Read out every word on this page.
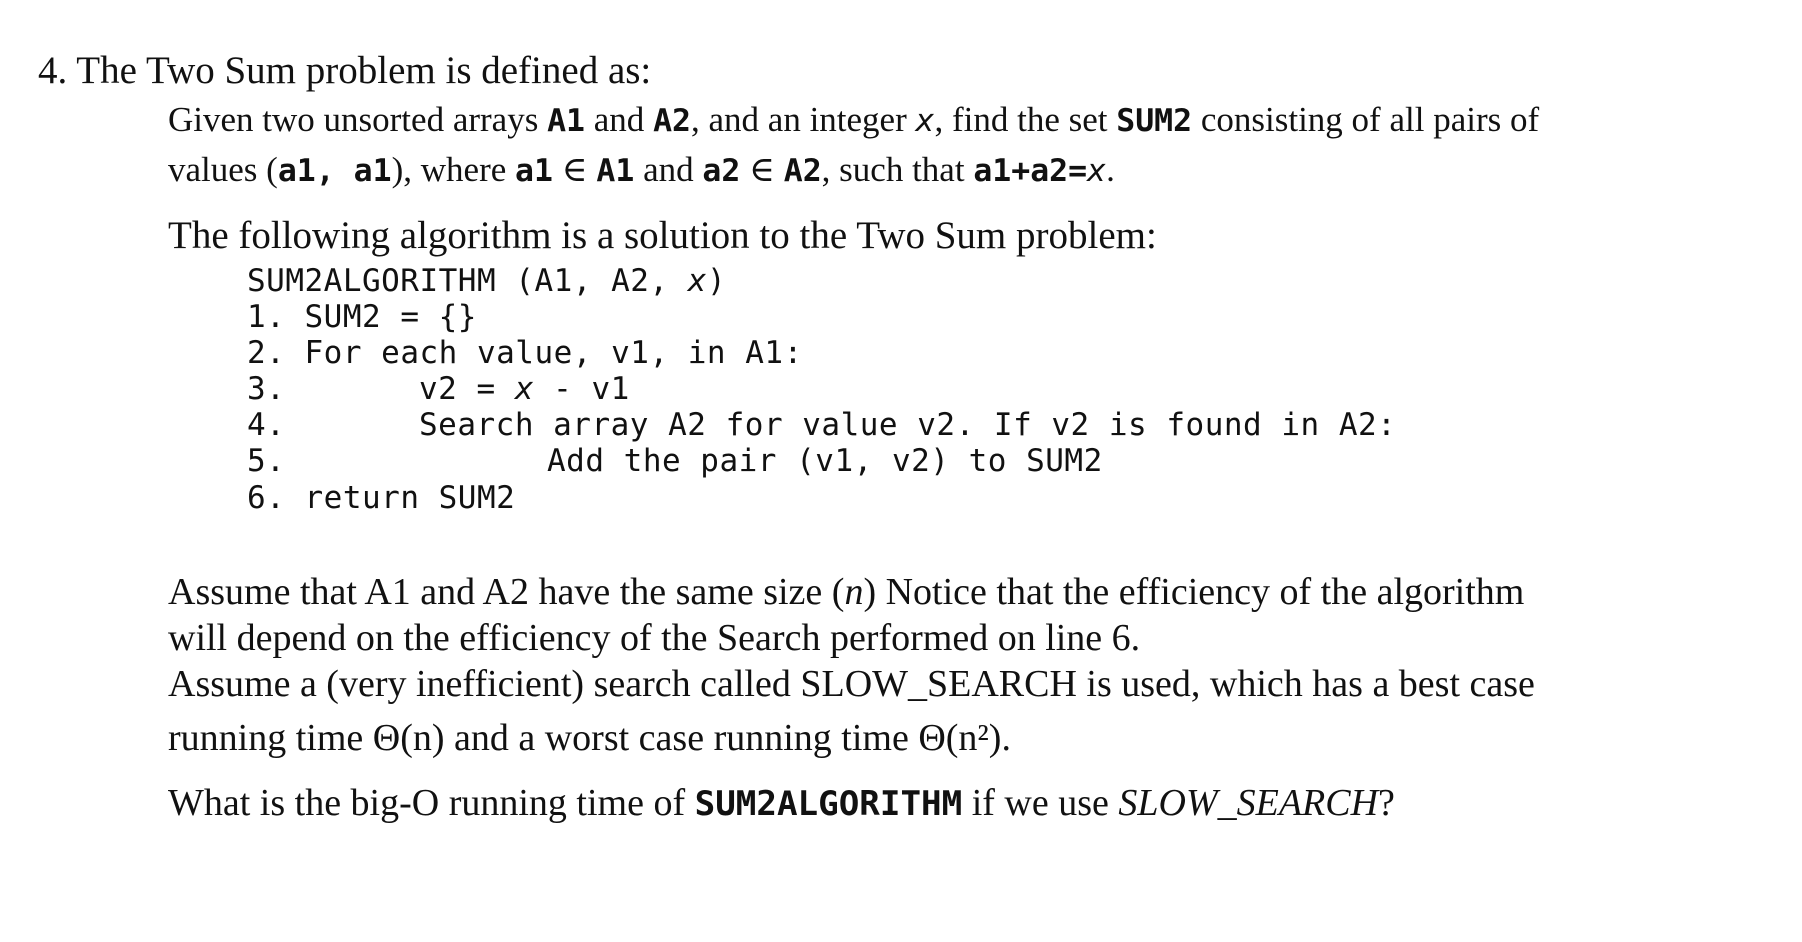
4. The Two Sum problem is defined as:
Given two unsorted arrays A1 and A2, and an integer x, find the set SUM2 consisting of all pairs of
values (a1, a1), where a1 ∈ A1 and a2 ∈ A2, such that a1+a2=x.
The following algorithm is a solution to the Two Sum problem:
SUM2ALGORITHM (A1, A2, x)
1. SUM2 = {}
2. For each value, v1, in A1:
3.	v2 = x - v1
4.	Search array A2 for value v2. If v2 is found in A2:
5.	Add the pair (v1, v2) to SUM2
6. return SUM2
Assume that A1 and A2 have the same size (n) Notice that the efficiency of the algorithm
will depend on the efficiency of the Search performed on line 6.
Assume a (very inefficient) search called SLOW_SEARCH is used, which has a best case
running time Θ(n) and a worst case running time Θ(n²).
What is the big-O running time of SUM2ALGORITHM if we use SLOW_SEARCH?
